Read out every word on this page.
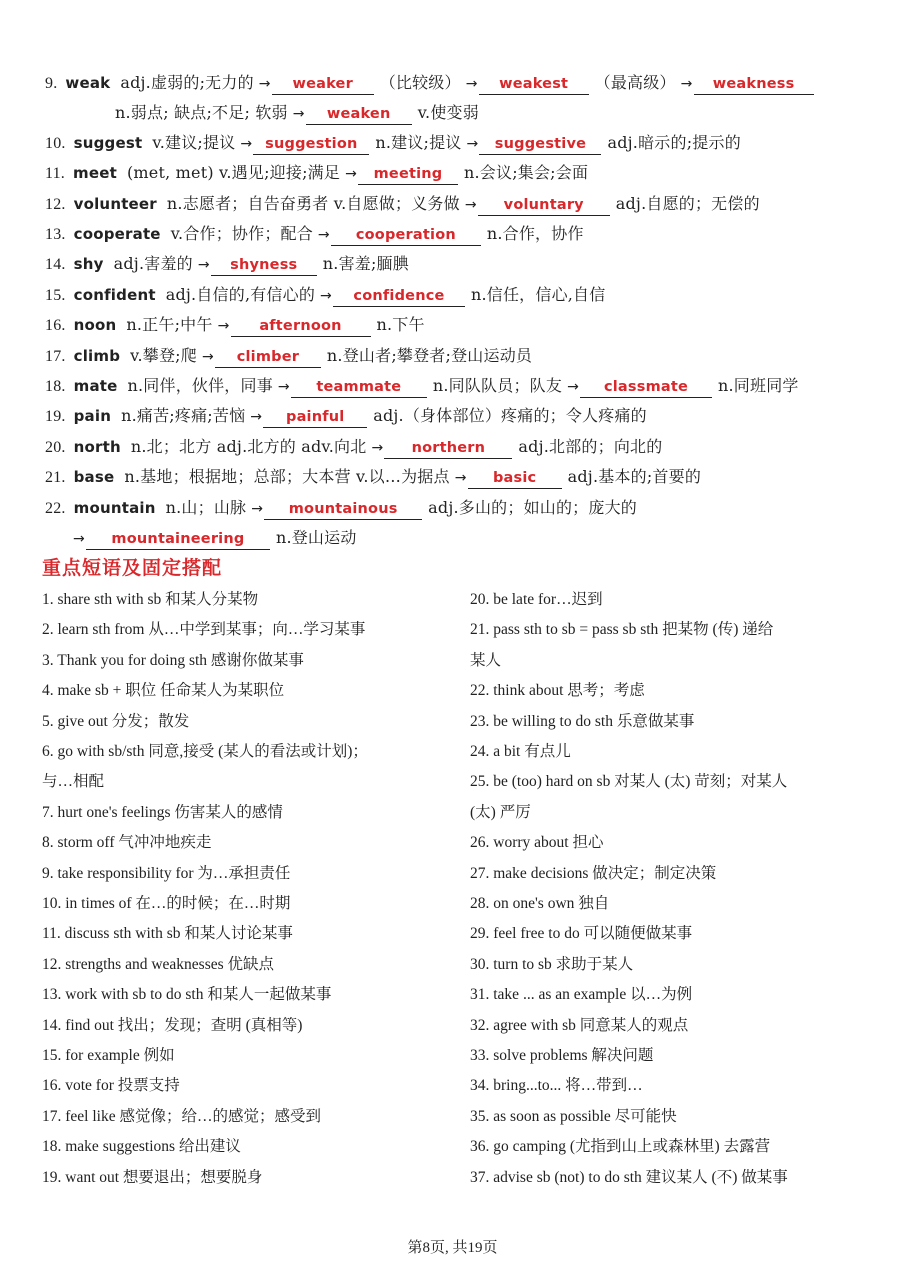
9. weakadj.虚弱的;无力的 → weaker （比较级） → weakest （最高级） → weakness
n.弱点; 缺点;不足; 软弱 → weaken v.使变弱
10. suggest v.建议;提议 → suggestion n.建议;提议 → suggestive adj.暗示的;提示的
11. meet (met, met) v.遇见;迎接;满足 → meeting n.会议;集会;会面
12. volunteer n.志愿者；自告奋勇者 v.自愿做；义务做 → voluntary adj.自愿的；无偿的
13. cooperate v.合作；协作；配合 → cooperation n.合作，协作
14. shy adj.害羞的 → shyness n.害羞;腼腆
15. confident adj.自信的,有信心的 → confidence n.信任，信心,自信
16. noon n.正午;中午 → afternoon n.下午
17. climb v.攀登;爬 → climber n.登山者;攀登者;登山运动员
18. mate n.同伴，伙伴，同事 → teammate n.同队队员；队友 → classmate n.同班同学
19. pain n.痛苦;疼痛;苦恼 → painful adj.（身体部位）疼痛的；令人疼痛的
20. north n.北；北方 adj.北方的 adv.向北 → northern adj.北部的；向北的
21. base n.基地；根据地；总部；大本营 v.以…为据点 → basic adj.基本的;首要的
22. mountain n.山；山脉 → mountainous adj.多山的；如山的；庞大的
→ mountaineering n.登山运动
重点短语及固定搭配
1. share sth with sb 和某人分某物
2. learn sth from 从…中学到某事；向…学习某事
3. Thank you for doing sth 感谢你做某事
4. make sb + 职位 任命某人为某职位
5. give out 分发；散发
6. go with sb/sth 同意,接受 (某人的看法或计划)；
与…相配
7. hurt one's feelings 伤害某人的感情
8. storm off 气冲冲地疾走
9. take responsibility for 为…承担责任
10. in times of 在…的时候；在…时期
11. discuss sth with sb 和某人讨论某事
12. strengths and weaknesses 优缺点
13. work with sb to do sth 和某人一起做某事
14. find out 找出；发现；查明 (真相等)
15. for example 例如
16. vote for 投票支持
17. feel like 感觉像；给…的感觉；感受到
18. make suggestions 给出建议
19. want out 想要退出；想要脱身
20. be late for…迟到
21. pass sth to sb = pass sb sth 把某物 (传) 递给
某人
22. think about 思考；考虑
23. be willing to do sth 乐意做某事
24. a bit 有点儿
25. be (too) hard on sb 对某人 (太) 苛刻；对某人
(太) 严厉
26. worry about 担心
27. make decisions 做决定；制定决策
28. on one's own 独自
29. feel free to do 可以随便做某事
30. turn to sb 求助于某人
31. take ... as an example 以…为例
32. agree with sb 同意某人的观点
33. solve problems 解决问题
34. bring...to... 将…带到…
35. as soon as possible 尽可能快
36. go camping (尤指到山上或森林里) 去露营
37. advise sb (not) to do sth 建议某人 (不) 做某事
第8页, 共19页
